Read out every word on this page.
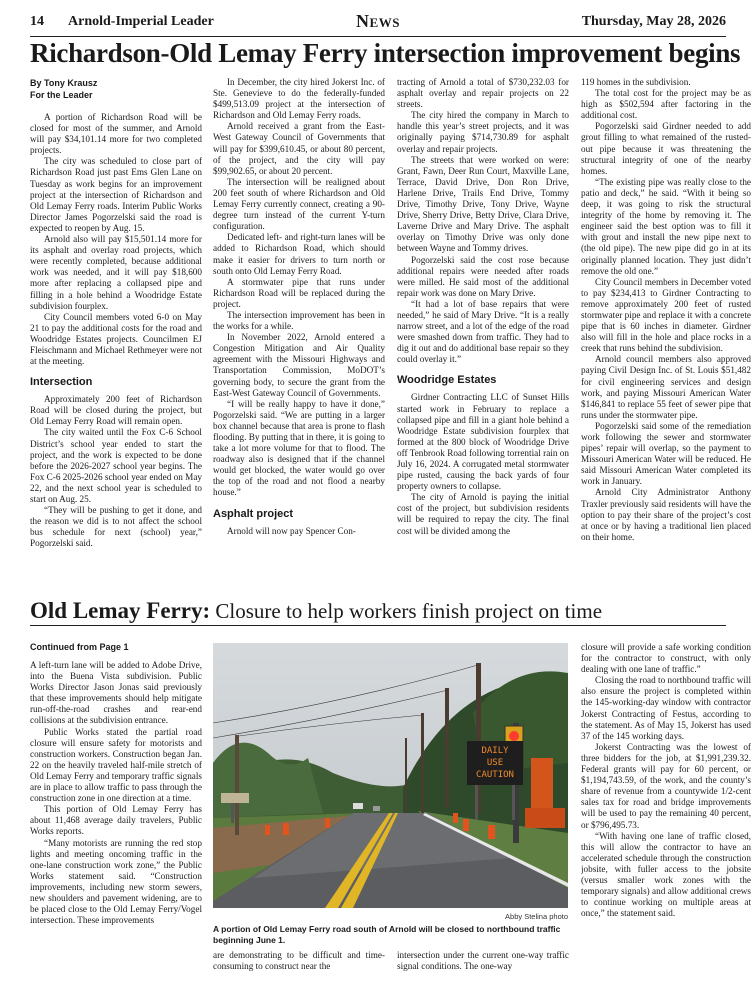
14 Arnold-Imperial Leader	News	Thursday, May 28, 2026
Richardson-Old Lemay Ferry intersection improvement begins
By Tony Krausz
For the Leader

A portion of Richardson Road will be closed for most of the summer, and Arnold will pay $34,101.14 more for two completed projects.

The city was scheduled to close part of Richardson Road just past Ems Glen Lane on Tuesday as work begins for an improvement project at the intersection of Richardson and Old Lemay Ferry roads. Interim Public Works Director James Pogorzelski said the road is expected to reopen by Aug. 15.

Arnold also will pay $15,501.14 more for its asphalt and overlay road projects, which were recently completed, because additional work was needed, and it will pay $18,600 more after replacing a collapsed pipe and filling in a hole behind a Woodridge Estate subdivision fourplex.

City Council members voted 6-0 on May 21 to pay the additional costs for the road and Woodridge Estates projects. Councilmen EJ Fleischmann and Michael Rethmeyer were not at the meeting.

Intersection

Approximately 200 feet of Richardson Road will be closed during the project, but Old Lemay Ferry Road will remain open.

The city waited until the Fox C-6 School District’s school year ended to start the project, and the work is expected to be done before the 2026-2027 school year begins. The Fox C-6 2025-2026 school year ended on May 22, and the next school year is scheduled to start on Aug. 25.

“They will be pushing to get it done, and the reason we did is to not affect the school bus schedule for next (school) year,” Pogorzelski said.

In December, the city hired Jokerst Inc. of Ste. Genevieve to do the federally-funded $499,513.09 project at the intersection of Richardson and Old Lemay Ferry roads.

Arnold received a grant from the East-West Gateway Council of Governments that will pay for $399,610.45, or about 80 percent, of the project, and the city will pay $99,902.65, or about 20 percent.

The intersection will be realigned about 200 feet south of where Richardson and Old Lemay Ferry currently connect, creating a 90-degree turn instead of the current Y-turn configuration.

Dedicated left- and right-turn lanes will be added to Richardson Road, which should make it easier for drivers to turn north or south onto Old Lemay Ferry Road.

A stormwater pipe that runs under Richardson Road will be replaced during the project.

The intersection improvement has been in the works for a while.

In November 2022, Arnold entered a Congestion Mitigation and Air Quality agreement with the Missouri Highways and Transportation Commission, MoDOT’s governing body, to secure the grant from the East-West Gateway Council of Governments.

“I will be really happy to have it done,” Pogorzelski said. “We are putting in a larger box channel because that area is prone to flash flooding. By putting that in there, it is going to take a lot more volume for that to flood. The roadway also is designed that if the channel would get blocked, the water would go over the top of the road and not flood a nearby house.”

Asphalt project

Arnold will now pay Spencer Con-

tracting of Arnold a total of $730,232.03 for asphalt overlay and repair projects on 22 streets.

The city hired the company in March to handle this year’s street projects, and it was originally paying $714,730.89 for asphalt overlay and repair projects.

The streets that were worked on were: Grant, Fawn, Deer Run Court, Maxville Lane, Terrace, David Drive, Don Ron Drive, Harlene Drive, Trails End Drive, Tommy Drive, Timothy Drive, Tony Drive, Wayne Drive, Sherry Drive, Betty Drive, Clara Drive, Laverne Drive and Mary Drive. The asphalt overlay on Timothy Drive was only done between Wayne and Tommy drives.

Pogorzelski said the cost rose because additional repairs were needed after roads were milled. He said most of the additional repair work was done on Mary Drive.

“It had a lot of base repairs that were needed,” he said of Mary Drive. “It is a really narrow street, and a lot of the edge of the road were smashed down from traffic. They had to dig it out and do additional base repair so they could overlay it.”

Woodridge Estates

Girdner Contracting LLC of Sunset Hills started work in February to replace a collapsed pipe and fill in a giant hole behind a Woodridge Estate subdivision fourplex that formed at the 800 block of Woodridge Drive off Tenbrook Road following torrential rain on July 16, 2024. A corrugated metal stormwater pipe rusted, causing the back yards of four property owners to collapse.

The city of Arnold is paying the initial cost of the project, but subdivision residents will be required to repay the city. The final cost will be divided among the

119 homes in the subdivision.

The total cost for the project may be as high as $502,594 after factoring in the additional cost.

Pogorzelski said Girdner needed to add grout filling to what remained of the rusted-out pipe because it was threatening the structural integrity of one of the nearby homes.

“The existing pipe was really close to the patio and deck,” he said. “With it being so deep, it was going to risk the structural integrity of the home by removing it. The engineer said the best option was to fill it with grout and install the new pipe next to (the old pipe). The new pipe did go in at its originally planned location. They just didn’t remove the old one.”

City Council members in December voted to pay $234,413 to Girdner Contracting to remove approximately 200 feet of rusted stormwater pipe and replace it with a concrete pipe that is 60 inches in diameter. Girdner also will fill in the hole and place rocks in a creek that runs behind the subdivision.

Arnold council members also approved paying Civil Design Inc. of St. Louis $51,482 for civil engineering services and design work, and paying Missouri American Water $146,841 to replace 55 feet of sewer pipe that runs under the stormwater pipe.

Pogorzelski said some of the remediation work following the sewer and stormwater pipes’ repair will overlap, so the payment to Missouri American Water will be reduced. He said Missouri American Water completed its work in January.

Arnold City Administrator Anthony Traxler previously said residents will have the option to pay their share of the project’s cost at once or by having a traditional lien placed on their home.

Old Lemay Ferry: Closure to help workers finish project on time
Continued from Page 1

A left-turn lane will be added to Adobe Drive, into the Buena Vista subdivision. Public Works Director Jason Jonas said previously that these improvements should help mitigate run-off-the-road crashes and rear-end collisions at the subdivision entrance.

Public Works stated the partial road closure will ensure safety for motorists and construction workers. Construction began Jan. 22 on the heavily traveled half-mile stretch of Old Lemay Ferry and temporary traffic signals are in place to allow traffic to pass through the construction zone in one direction at a time.

This portion of Old Lemay Ferry has about 11,468 average daily travelers, Public Works reports.

“Many motorists are running the red stop lights and meeting oncoming traffic in the one-lane construction work zone,” the Public Works statement said. “Construction improvements, including new storm sewers, new shoulders and pavement widening, are to be placed close to the Old Lemay Ferry/Vogel intersection. These improvements

DAILY
USE
CAUTION
Abby Stelina photo
A portion of Old Lemay Ferry road south of Arnold will be closed to northbound traffic beginning June 1.

are demonstrating to be difficult and time-consuming to construct near the

intersection under the current one-way traffic signal conditions. The one-way

closure will provide a safe working condition for the contractor to construct, with only dealing with one lane of traffic.”

Closing the road to northbound traffic will also ensure the project is completed within the 145-working-day window with contractor Jokerst Contracting of Festus, according to the statement. As of May 15, Jokerst has used 37 of the 145 working days.

Jokerst Contracting was the lowest of three bidders for the job, at $1,991,239.32. Federal grants will pay for 60 percent, or $1,194,743.59, of the work, and the county’s share of revenue from a countywide 1/2-cent sales tax for road and bridge improvements will be used to pay the remaining 40 percent, or $796,495.73.

“With having one lane of traffic closed, this will allow the contractor to have an accelerated schedule through the construction jobsite, with fuller access to the jobsite (versus smaller work zones with the temporary signals) and allow additional crews to continue working on multiple areas at once,” the statement said.
